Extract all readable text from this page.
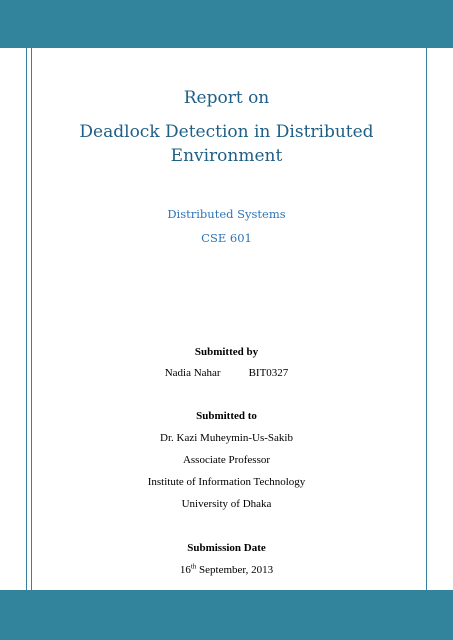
Report on
Deadlock Detection in Distributed
Environment
Distributed Systems
CSE 601
Submitted by
Nadia Nahar	BIT0327
Submitted to
Dr. Kazi Muheymin-Us-Sakib
Associate Professor
Institute of Information Technology
University of Dhaka
Submission Date
16th September, 2013
